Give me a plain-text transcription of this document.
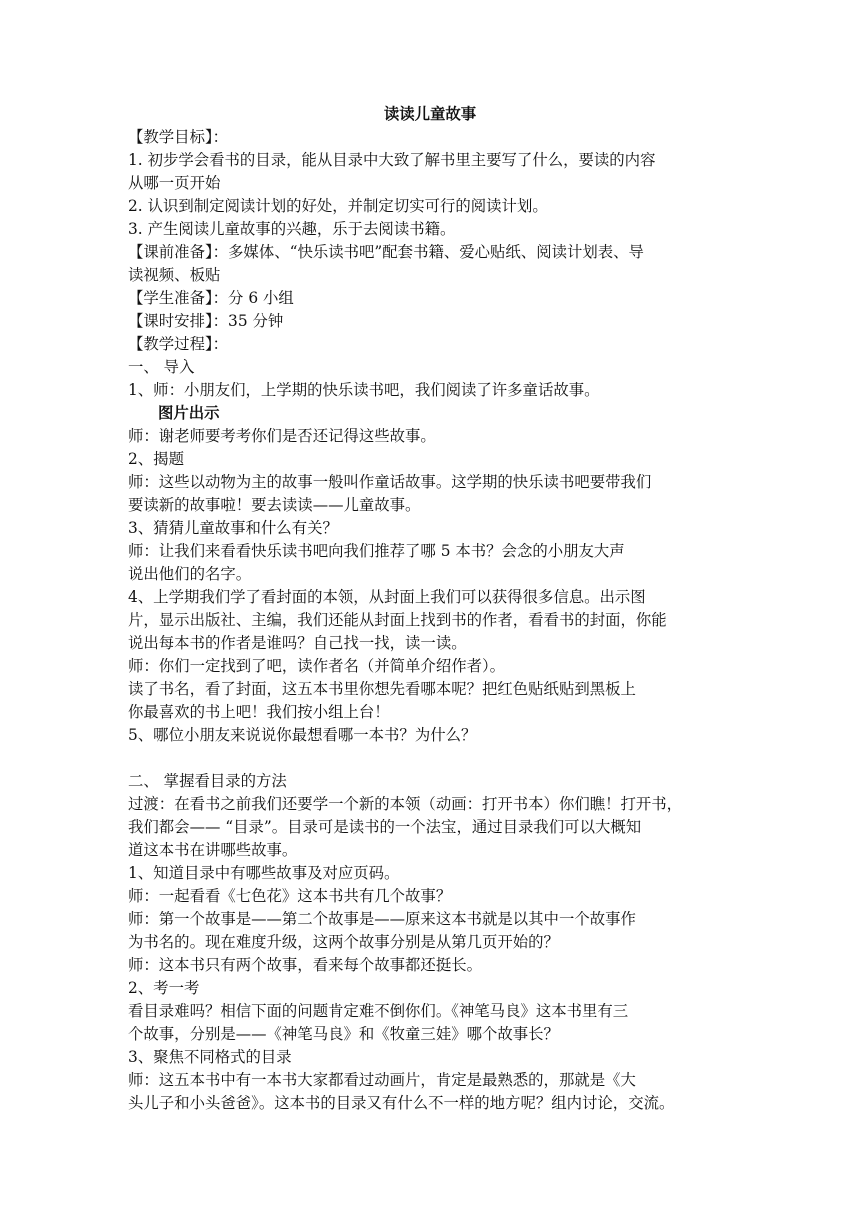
读读儿童故事
【教学目标】：
1. 初步学会看书的目录，能从目录中大致了解书里主要写了什么，要读的内容
从哪一页开始
2. 认识到制定阅读计划的好处，并制定切实可行的阅读计划。
3. 产生阅读儿童故事的兴趣，乐于去阅读书籍。
【课前准备】：多媒体、“快乐读书吧”配套书籍、爱心贴纸、阅读计划表、导
读视频、板贴
【学生准备】：分 6 小组
【课时安排】：35 分钟
【教学过程】：
一、 导入
1、师：小朋友们，上学期的快乐读书吧，我们阅读了许多童话故事。
图片出示
师：谢老师要考考你们是否还记得这些故事。
2、揭题
师：这些以动物为主的故事一般叫作童话故事。这学期的快乐读书吧要带我们
要读新的故事啦！要去读读——儿童故事。
3、猜猜儿童故事和什么有关？
师：让我们来看看快乐读书吧向我们推荐了哪 5 本书？会念的小朋友大声
说出他们的名字。
4、上学期我们学了看封面的本领，从封面上我们可以获得很多信息。出示图
片，显示出版社、主编，我们还能从封面上找到书的作者，看看书的封面，你能
说出每本书的作者是谁吗？自己找一找，读一读。
师：你们一定找到了吧，读作者名（并简单介绍作者）。
读了书名，看了封面，这五本书里你想先看哪本呢？把红色贴纸贴到黑板上
你最喜欢的书上吧！我们按小组上台！
5、哪位小朋友来说说你最想看哪一本书？为什么？
二、 掌握看目录的方法
过渡：在看书之前我们还要学一个新的本领（动画：打开书本）你们瞧！打开书，
我们都会—— “目录”。目录可是读书的一个法宝，通过目录我们可以大概知
道这本书在讲哪些故事。
1、知道目录中有哪些故事及对应页码。
师：一起看看《七色花》这本书共有几个故事？
师：第一个故事是——第二个故事是——原来这本书就是以其中一个故事作
为书名的。现在难度升级，这两个故事分别是从第几页开始的？
师：这本书只有两个故事，看来每个故事都还挺长。
2、考一考
看目录难吗？相信下面的问题肯定难不倒你们。《神笔马良》这本书里有三
个故事，分别是——《神笔马良》和《牧童三娃》哪个故事长？
3、聚焦不同格式的目录
师：这五本书中有一本书大家都看过动画片，肯定是最熟悉的，那就是《大
头儿子和小头爸爸》。这本书的目录又有什么不一样的地方呢？组内讨论，交流。
